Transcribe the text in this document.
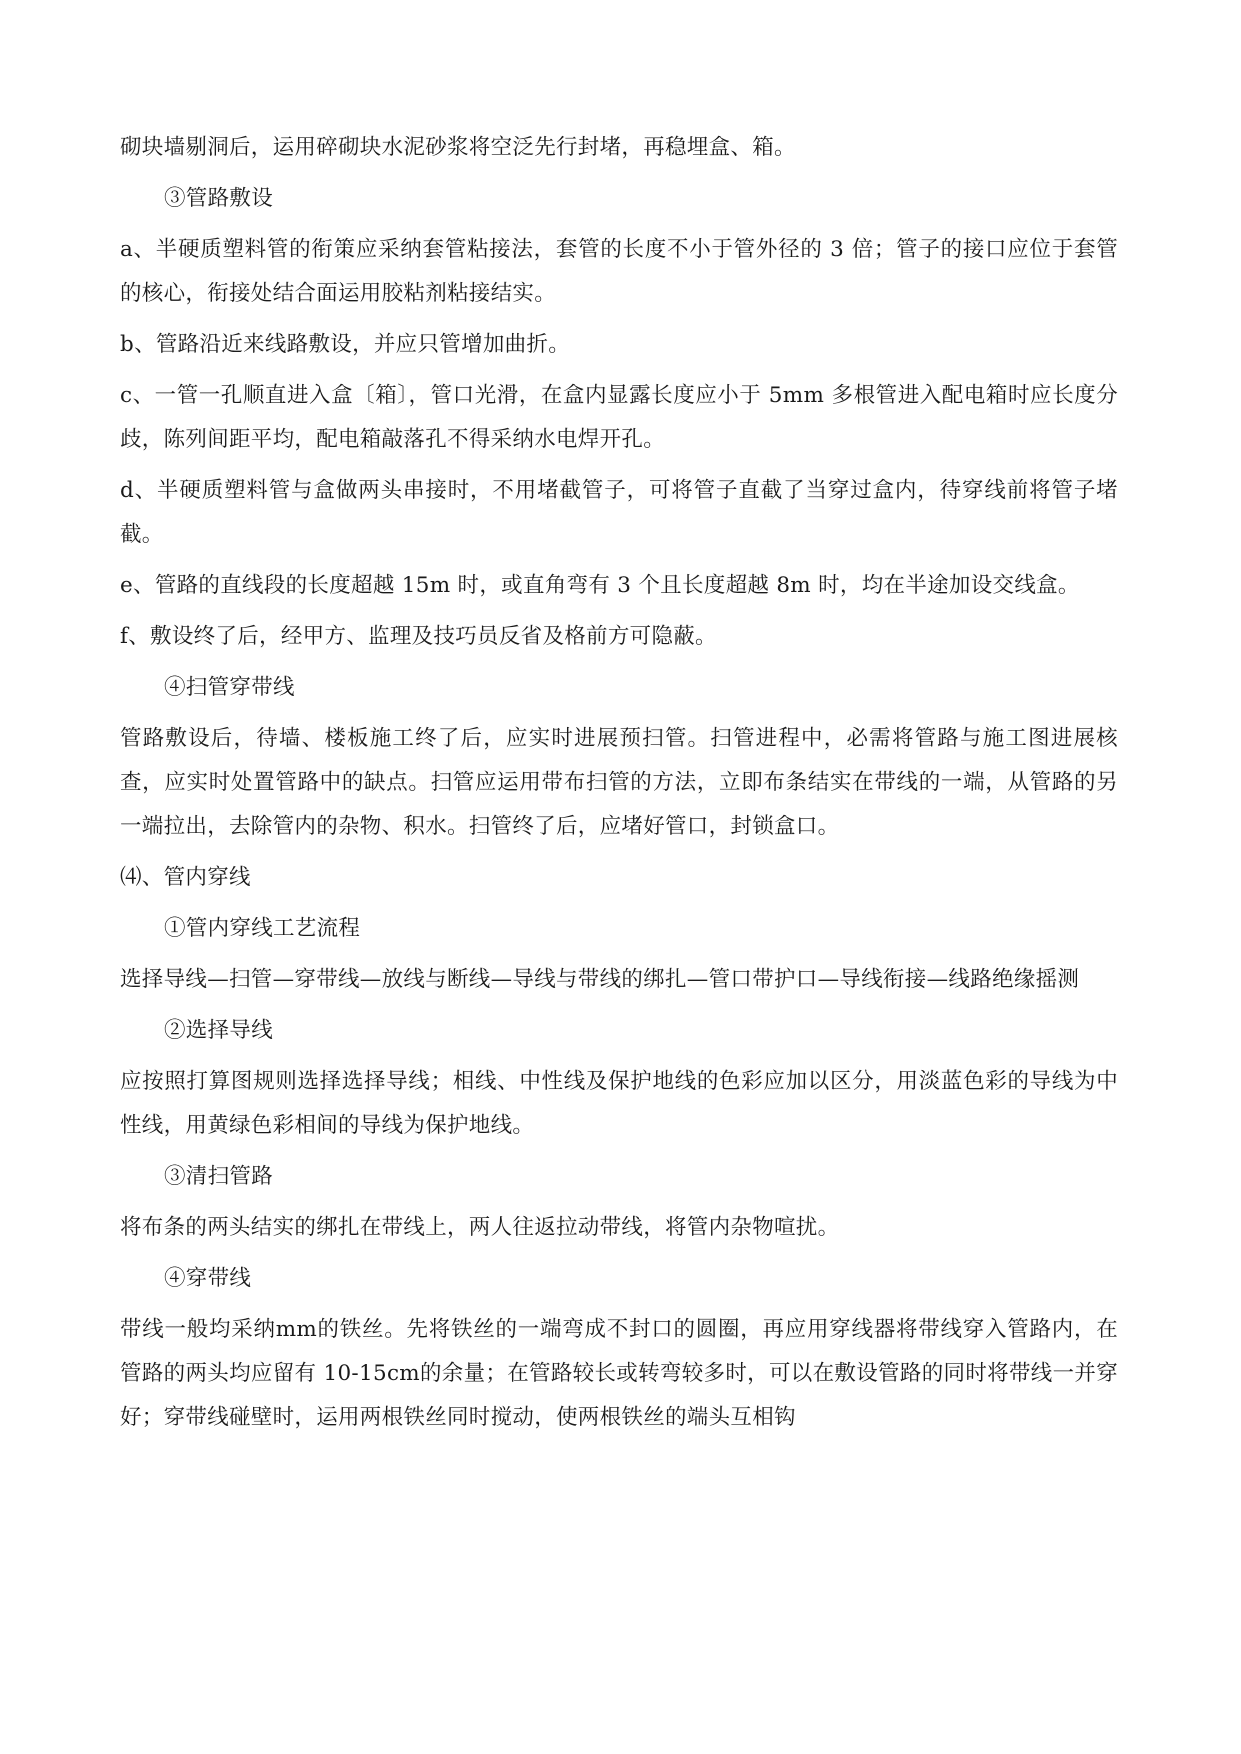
砌块墙剔洞后，运用碎砌块水泥砂浆将空泛先行封堵，再稳埋盒、箱。

③管路敷设

a、半硬质塑料管的衔策应采纳套管粘接法，套管的长度不小于管外径的 3 倍；管子的接口应位于套管的核心，衔接处结合面运用胶粘剂粘接结实。

b、管路沿近来线路敷设，并应只管增加曲折。

c、一管一孔顺直进入盒〔箱〕，管口光滑，在盒内显露长度应小于 5mm 多根管进入配电箱时应长度分歧，陈列间距平均，配电箱敲落孔不得采纳水电焊开孔。

d、半硬质塑料管与盒做两头串接时，不用堵截管子，可将管子直截了当穿过盒内，待穿线前将管子堵截。

e、管路的直线段的长度超越 15m 时，或直角弯有 3 个且长度超越 8m 时，均在半途加设交线盒。

f、敷设终了后，经甲方、监理及技巧员反省及格前方可隐蔽。

④扫管穿带线

管路敷设后，待墙、楼板施工终了后，应实时进展预扫管。扫管进程中，必需将管路与施工图进展核查，应实时处置管路中的缺点。扫管应运用带布扫管的方法，立即布条结实在带线的一端，从管路的另一端拉出，去除管内的杂物、积水。扫管终了后，应堵好管口，封锁盒口。

⑷、管内穿线

①管内穿线工艺流程

选择导线—扫管—穿带线—放线与断线—导线与带线的绑扎—管口带护口—导线衔接—线路绝缘摇测

②选择导线

应按照打算图规则选择选择导线；相线、中性线及保护地线的色彩应加以区分，用淡蓝色彩的导线为中性线，用黄绿色彩相间的导线为保护地线。

③清扫管路

将布条的两头结实的绑扎在带线上，两人往返拉动带线，将管内杂物喧扰。

④穿带线

带线一般均采纳mm的铁丝。先将铁丝的一端弯成不封口的圆圈，再应用穿线器将带线穿入管路内，在管路的两头均应留有 10-15cm的余量；在管路较长或转弯较多时，可以在敷设管路的同时将带线一并穿好；穿带线碰壁时，运用两根铁丝同时搅动，使两根铁丝的端头互相钩
